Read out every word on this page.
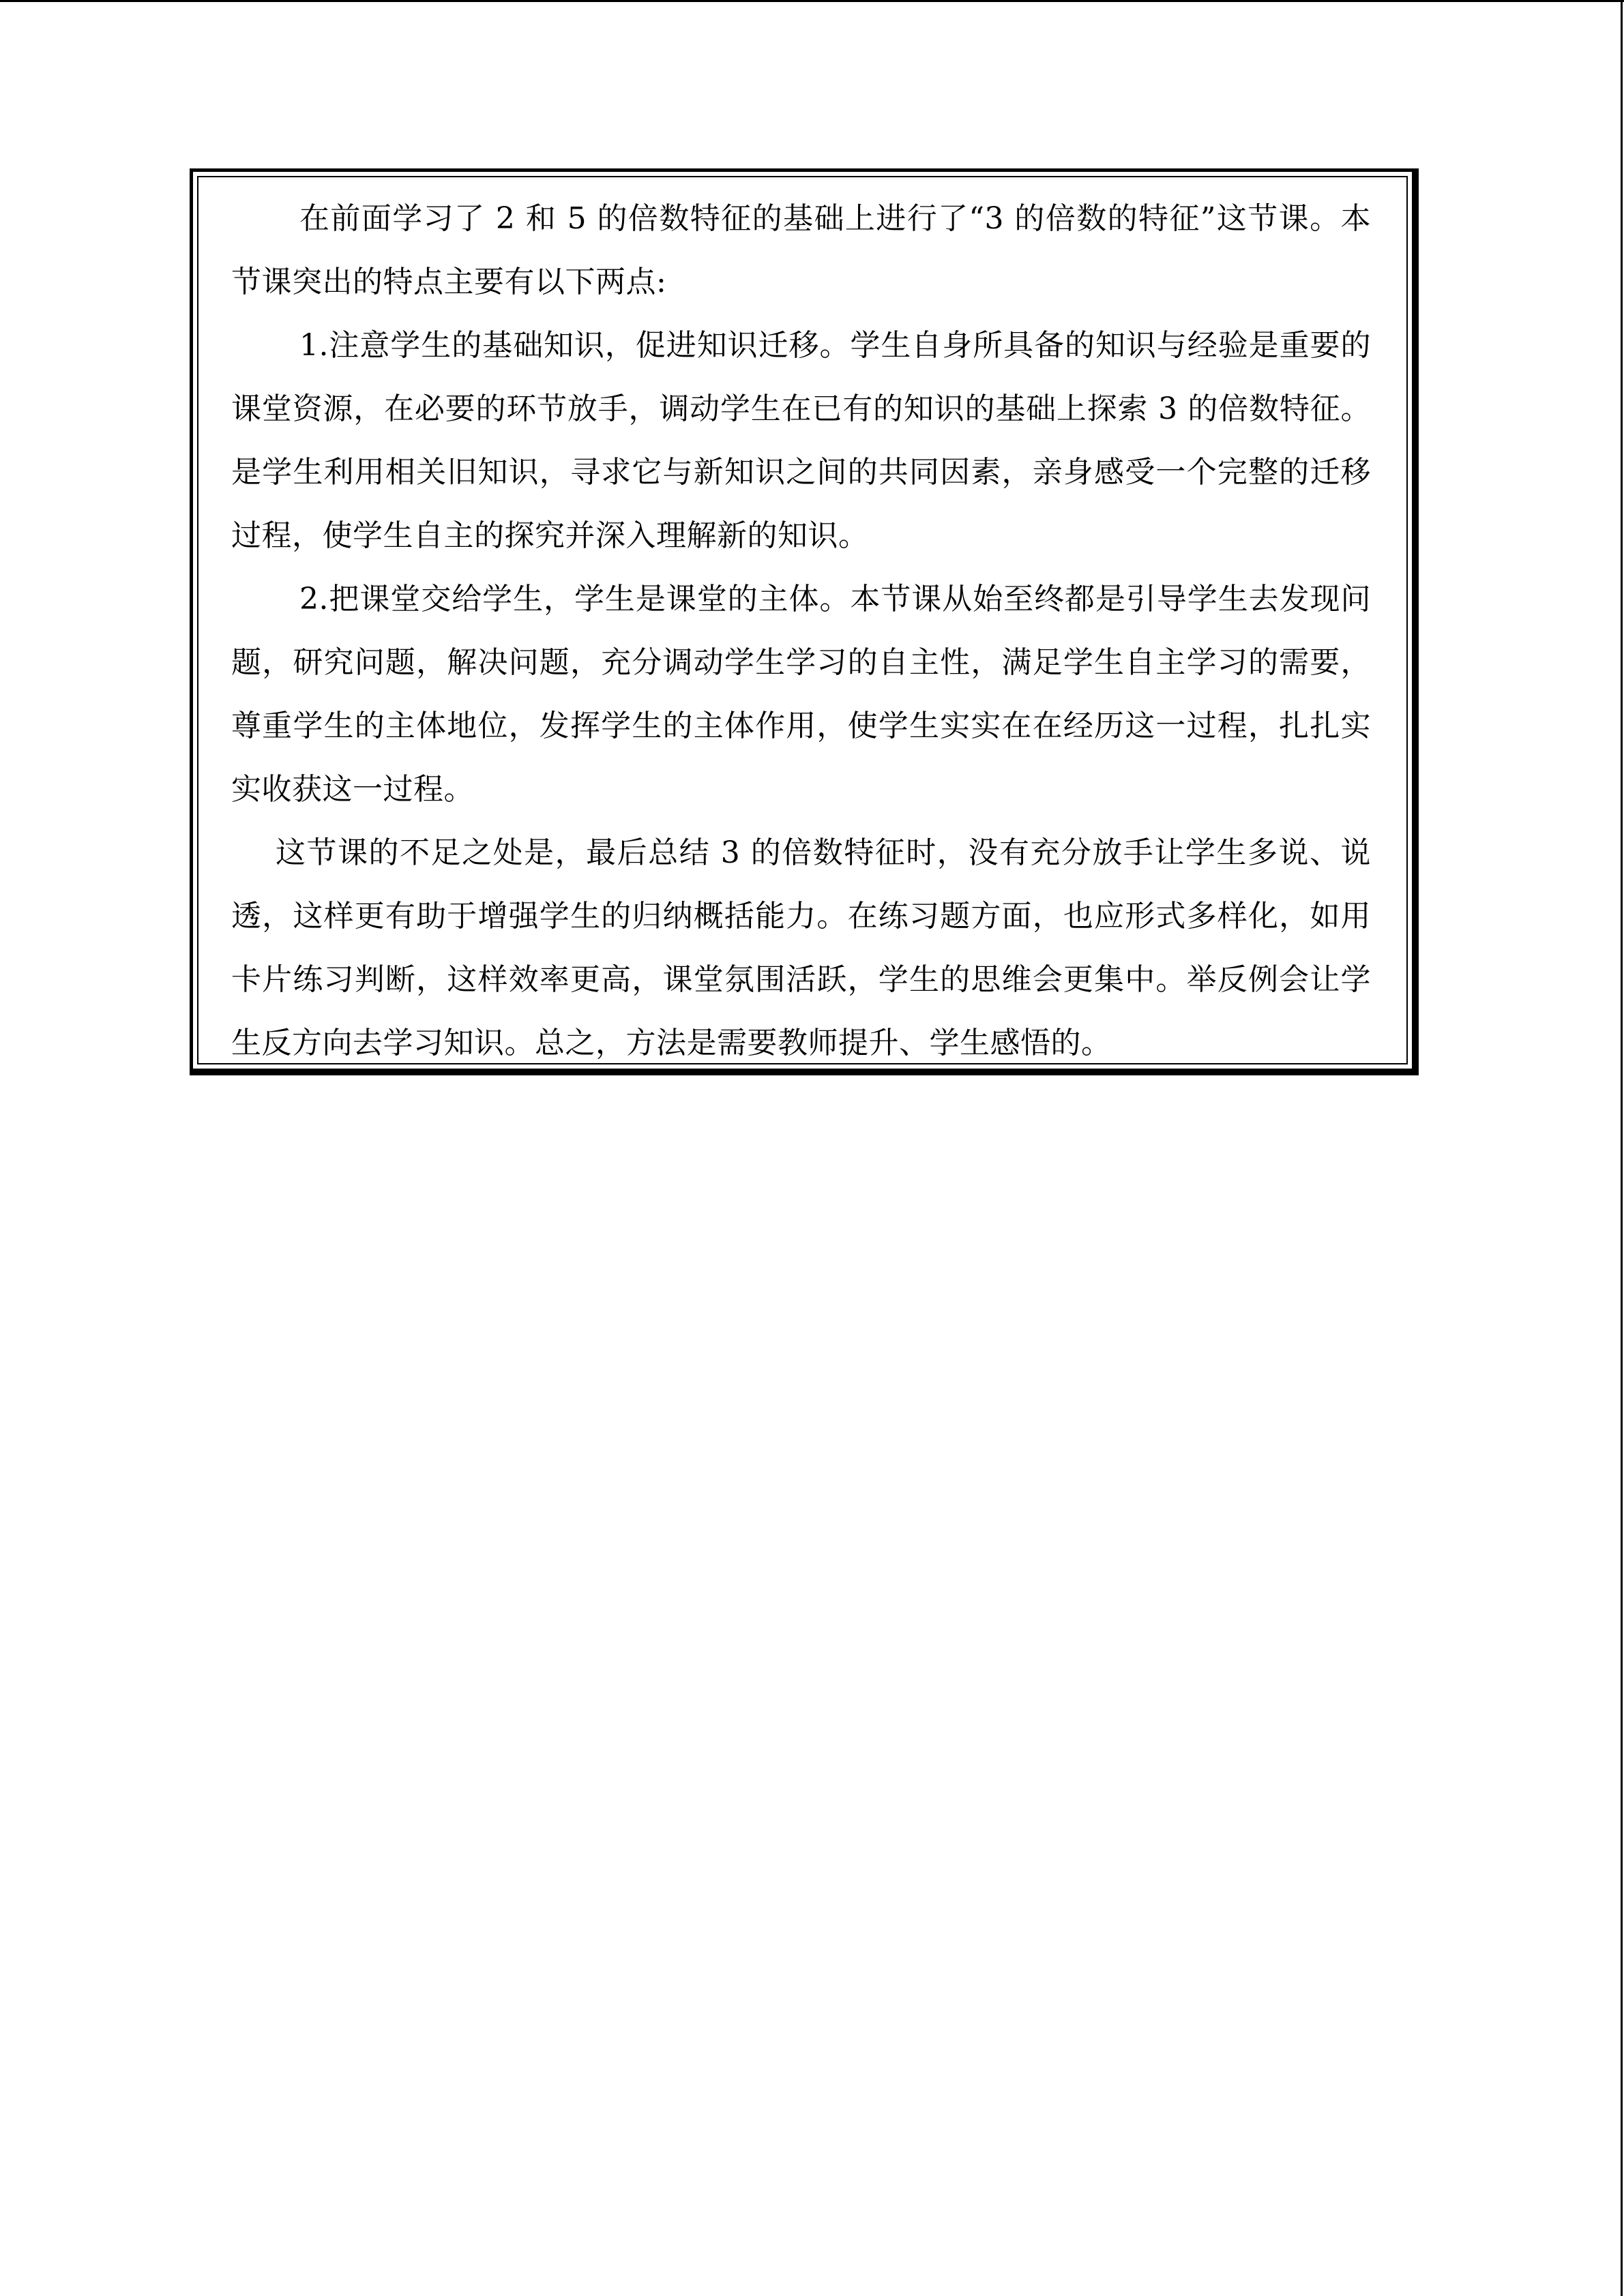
在前面学习了 2 和 5 的倍数特征的基础上进行了“3 的倍数的特征”这节课。本节课突出的特点主要有以下两点:

1.注意学生的基础知识，促进知识迁移。学生自身所具备的知识与经验是重要的课堂资源，在必要的环节放手，调动学生在已有的知识的基础上探索 3 的倍数特征。是学生利用相关旧知识，寻求它与新知识之间的共同因素，亲身感受一个完整的迁移过程，使学生自主的探究并深入理解新的知识。

2.把课堂交给学生，学生是课堂的主体。本节课从始至终都是引导学生去发现问题，研究问题，解决问题，充分调动学生学习的自主性，满足学生自主学习的需要，尊重学生的主体地位，发挥学生的主体作用，使学生实实在在经历这一过程，扎扎实实收获这一过程。

这节课的不足之处是，最后总结 3 的倍数特征时，没有充分放手让学生多说、说透，这样更有助于增强学生的归纳概括能力。在练习题方面，也应形式多样化，如用卡片练习判断，这样效率更高，课堂氛围活跃，学生的思维会更集中。举反例会让学生反方向去学习知识。总之，方法是需要教师提升、学生感悟的。
